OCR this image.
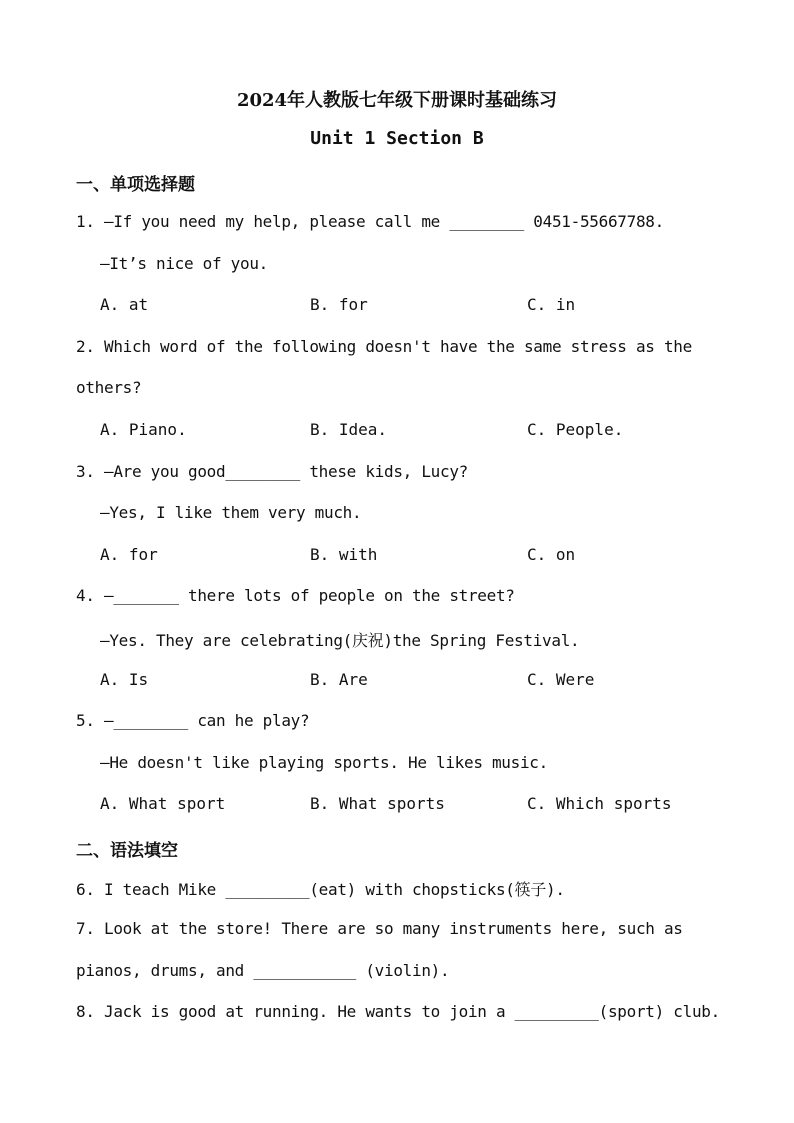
2024年人教版七年级下册课时基础练习
Unit 1 Section B
一、单项选择题
1. —If you need my help, please call me ________ 0451-55667788.
—It’s nice of you.
A. at	B. for	C. in
2. Which word of the following doesn't have the same stress as the
others?
A. Piano.	B. Idea.	C. People.
3. —Are you good________ these kids, Lucy?
—Yes, I like them very much.
A. for	B. with	C. on
4. —_______ there lots of people on the street?
—Yes. They are celebrating(庆祝)the Spring Festival.
A. Is	B. Are	C. Were
5. —________ can he play?
—He doesn't like playing sports. He likes music.
A. What sport	B. What sports	C. Which sports
二、语法填空
6. I teach Mike _________(eat) with chopsticks(筷子).
7. Look at the store! There are so many instruments here, such as
pianos, drums, and ___________ (violin).
8. Jack is good at running. He wants to join a _________(sport) club.
